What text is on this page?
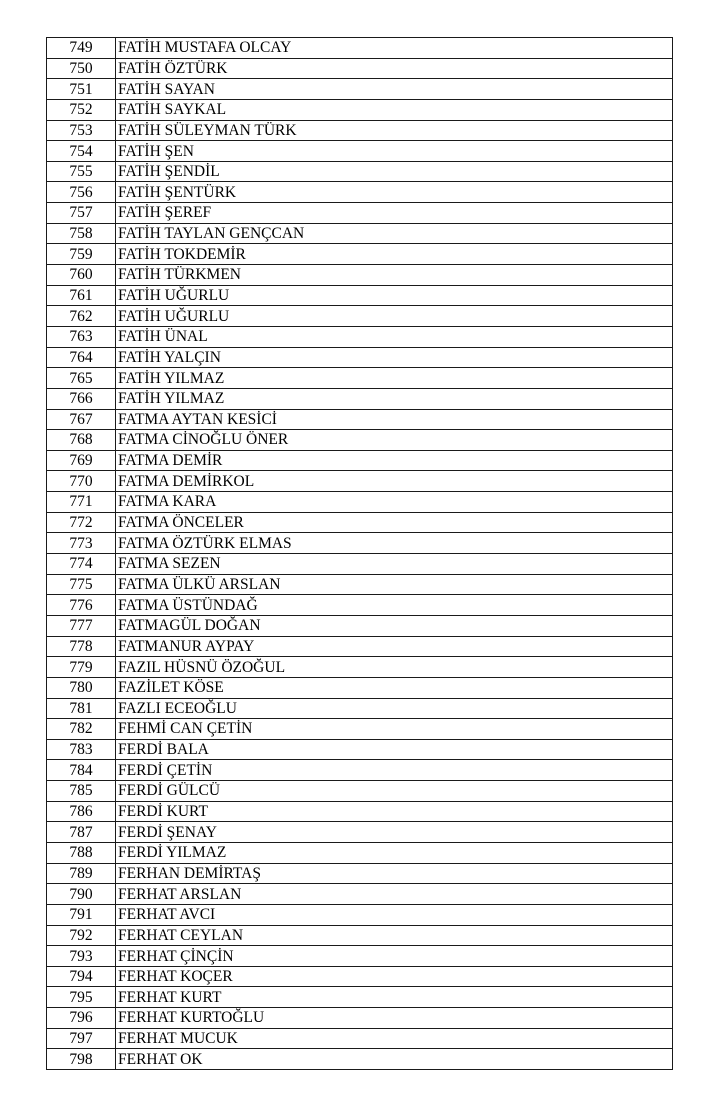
749	FATİH MUSTAFA OLCAY
750	FATİH ÖZTÜRK
751	FATİH SAYAN
752	FATİH SAYKAL
753	FATİH SÜLEYMAN TÜRK
754	FATİH ŞEN
755	FATİH ŞENDİL
756	FATİH ŞENTÜRK
757	FATİH ŞEREF
758	FATİH TAYLAN GENÇCAN
759	FATİH TOKDEMİR
760	FATİH TÜRKMEN
761	FATİH UĞURLU
762	FATİH UĞURLU
763	FATİH ÜNAL
764	FATİH YALÇIN
765	FATİH YILMAZ
766	FATİH YILMAZ
767	FATMA AYTAN KESİCİ
768	FATMA CİNOĞLU ÖNER
769	FATMA DEMİR
770	FATMA DEMİRKOL
771	FATMA KARA
772	FATMA ÖNCELER
773	FATMA ÖZTÜRK ELMAS
774	FATMA SEZEN
775	FATMA ÜLKÜ ARSLAN
776	FATMA ÜSTÜNDAĞ
777	FATMAGÜL DOĞAN
778	FATMANUR AYPAY
779	FAZIL HÜSNÜ ÖZOĞUL
780	FAZİLET KÖSE
781	FAZLI ECEOĞLU
782	FEHMİ CAN ÇETİN
783	FERDİ BALA
784	FERDİ ÇETİN
785	FERDİ GÜLCÜ
786	FERDİ KURT
787	FERDİ ŞENAY
788	FERDİ YILMAZ
789	FERHAN DEMİRTAŞ
790	FERHAT ARSLAN
791	FERHAT AVCI
792	FERHAT CEYLAN
793	FERHAT ÇİNÇİN
794	FERHAT KOÇER
795	FERHAT KURT
796	FERHAT KURTOĞLU
797	FERHAT MUCUK
798	FERHAT OK
